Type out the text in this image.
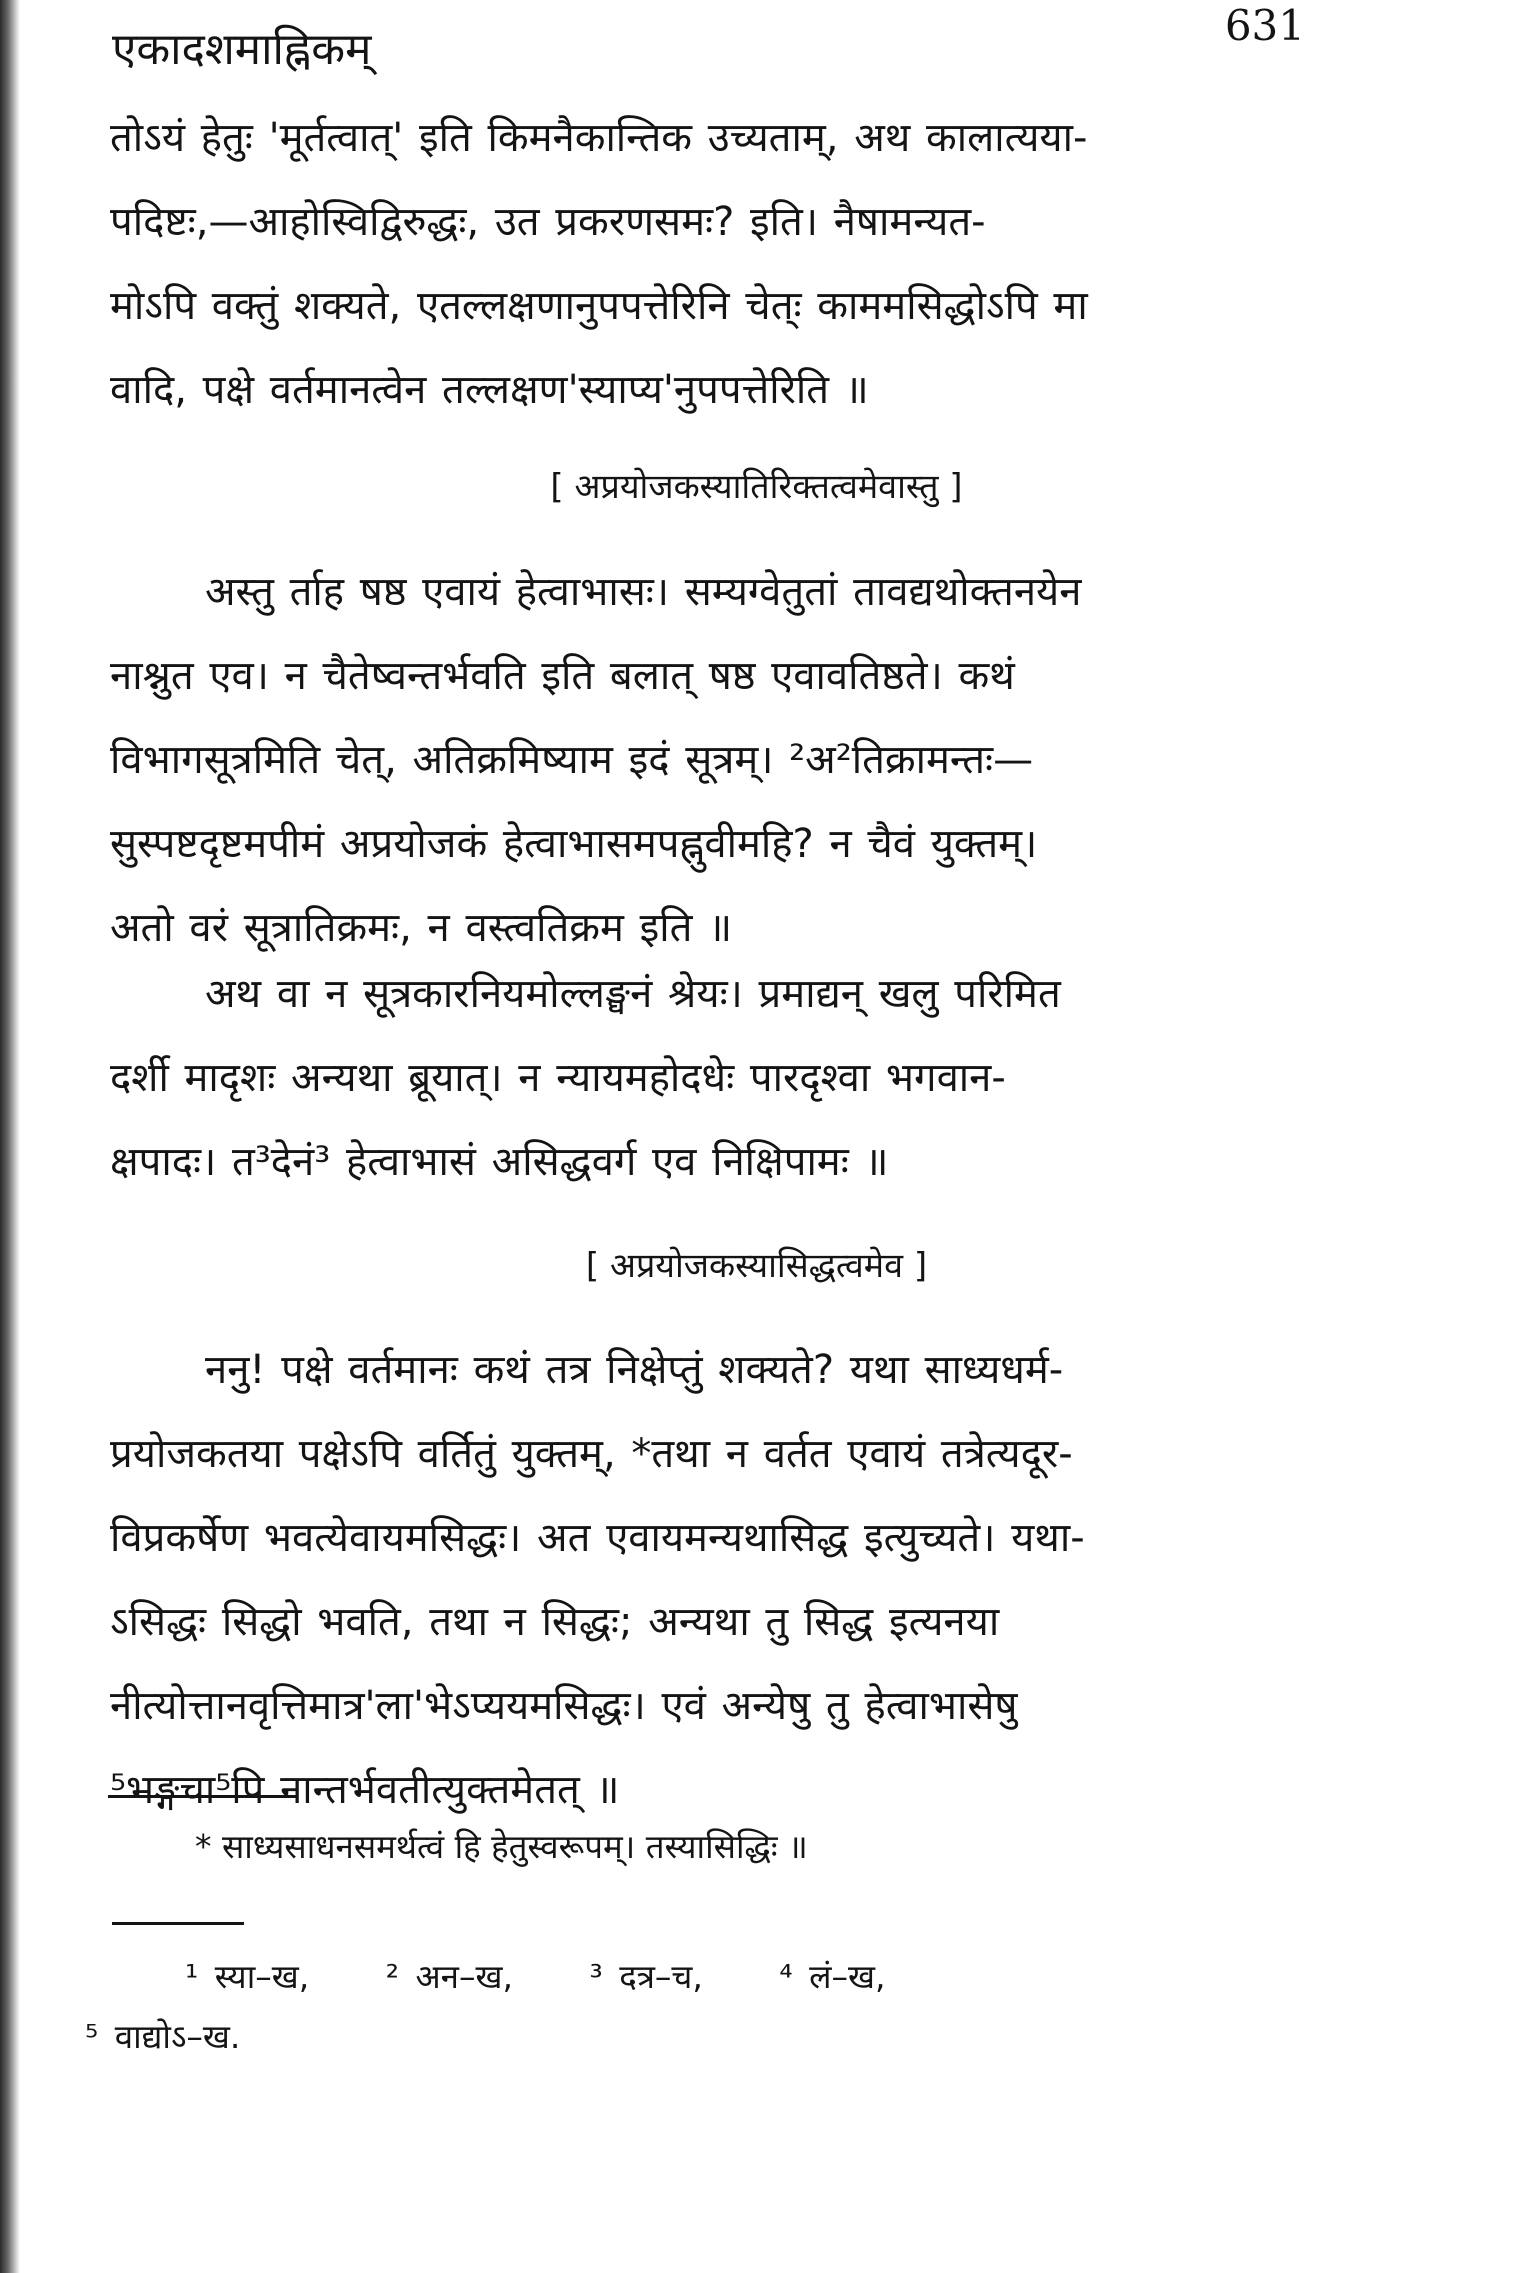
एकादशमाह्निकम्	631
तोऽयं हेतुः 'मूर्तत्वात्' इति किमनैकान्तिक उच्यताम्, अथ कालात्यया-
पदिष्टः,—आहोस्विद्विरुद्धः, उत प्रकरणसमः? इति। नैषामन्यत-
मोऽपि वक्तुं शक्यते, एतल्लक्षणानुपपत्तेरिनि चेत्ः काममसिद्धोऽपि मा
वादि, पक्षे वर्तमानत्वेन तल्लक्षण'स्याप्य'नुपपत्तेरिति ॥
[ अप्रयोजकस्यातिरिक्तत्वमेवास्तु ]
अस्तु र्ताह षष्ठ एवायं हेत्वाभासः। सम्यग्वेतुतां तावद्यथोक्तनयेन
नाश्नुत एव। न चैतेष्वन्तर्भवति इति बलात् षष्ठ एवावतिष्ठते। कथं
विभागसूत्रमिति चेत्, अतिक्रमिष्याम इदं सूत्रम्। ²अ²तिक्रामन्तः—
सुस्पष्टदृष्टमपीमं अप्रयोजकं हेत्वाभासमपह्नुवीमहि? न चैवं युक्तम्।
अतो वरं सूत्रातिक्रमः, न वस्त्वतिक्रम इति ॥
अथ वा न सूत्रकारनियमोल्लङ्घनं श्रेयः। प्रमाद्यन् खलु परिमित
दर्शी मादृशः अन्यथा ब्रूयात्। न न्यायमहोदधेः पारदृश्वा भगवान-
क्षपादः। त³देनं³ हेत्वाभासं असिद्धवर्ग एव निक्षिपामः ॥
[ अप्रयोजकस्यासिद्धत्वमेव ]
ननु! पक्षे वर्तमानः कथं तत्र निक्षेप्तुं शक्यते? यथा साध्यधर्म-
प्रयोजकतया पक्षेऽपि वर्तितुं युक्तम्, *तथा न वर्तत एवायं तत्रेत्यदूर-
विप्रकर्षेण भवत्येवायमसिद्धः। अत एवायमन्यथासिद्ध इत्युच्यते। यथा-
ऽसिद्धः सिद्धो भवति, तथा न सिद्धः; अन्यथा तु सिद्ध इत्यनया
नीत्योत्तानवृत्तिमात्र'ला'भेऽप्ययमसिद्धः। एवं अन्येषु तु हेत्वाभासेषु
⁵भङ्गचा⁵पि नान्तर्भवतीत्युक्तमेतत् ॥
* साध्यसाधनसमर्थत्वं हि हेतुस्वरूपम्। तस्यासिद्धिः ॥
¹ स्या–ख, ² अन–ख, ³ दत्र–च, ⁴ लं–ख,
⁵ वाद्योऽ–ख.
